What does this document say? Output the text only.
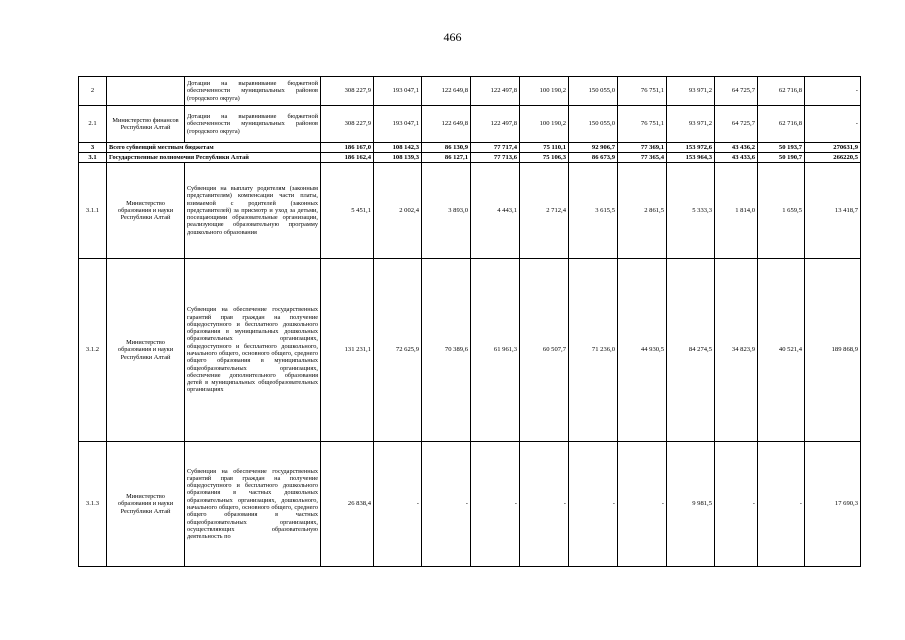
466
2		Дотации на выравнивание бюджетной обеспеченности муниципальных районов (городского округа)	308 227,9	193 047,1	122 649,8	122 497,8	100 190,2	150 055,0	76 751,1	93 971,2	64 725,7	62 716,8	-
2.1	Министерство финансов Республики Алтай	Дотации на выравнивание бюджетной обеспеченности муниципальных районов (городского округа)	308 227,9	193 047,1	122 649,8	122 497,8	100 190,2	150 055,0	76 751,1	93 971,2	64 725,7	62 716,8	-
3	Всего субвенций местным бюджетам		186 167,0	108 142,3	86 130,9	77 717,4	75 110,1	92 906,7	77 369,1	153 972,6	43 436,2	50 193,7	270631,9
3.1	Государственные полномочия Республики Алтай		186 162,4	108 139,3	86 127,1	77 713,6	75 106,3	86 673,9	77 365,4	153 964,3	43 433,6	50 190,7	266220,5
3.1.1	Министерство образования и науки Республики Алтай	Субвенция на выплату родителям (законным представителям) компенсации части платы, взимаемой с родителей (законных представителей) за присмотр и уход за детьми, посещающими образовательные организации, реализующие образовательную программу дошкольного образования	5 451,1	2 002,4	3 893,0	4 443,1	2 712,4	3 615,5	2 861,5	5 333,3	1 814,0	1 659,5	13 418,7
3.1.2	Министерство образования и науки Республики Алтай	Субвенция на обеспечение государственных гарантий прав граждан на получение общедоступного и бесплатного дошкольного образования в муниципальных дошкольных образовательных организациях, общедоступного и бесплатного дошкольного, начального общего, основного общего, среднего общего образования в муниципальных общеобразовательных организациях, обеспечение дополнительного образования детей в муниципальных общеобразовательных организациях	131 231,1	72 625,9	70 389,6	61 961,3	60 507,7	71 236,0	44 930,5	84 274,5	34 823,9	40 521,4	189 868,9
3.1.3	Министерство образования и науки Республики Алтай	Субвенция на обеспечение государственных гарантий прав граждан на получение общедоступного и бесплатного дошкольного образования в частных дошкольных образовательных организациях, дошкольного, начального общего, основного общего, среднего общего образования в частных общеобразовательных организациях, осуществляющих образовательную деятельность по	26 838,4	-	-	-	-	-	-	9 981,5	-	-	17 690,3
